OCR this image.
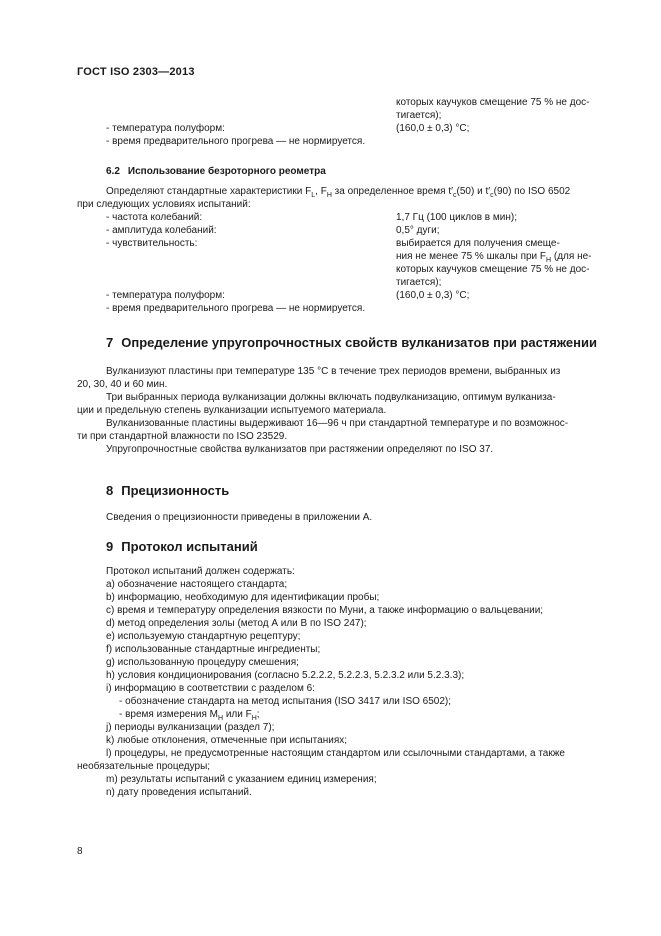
ГОСТ ISO 2303—2013
которых каучуков смещение 75 % не дос-
тигается);
- температура полуформ:	(160,0 ± 0,3) °С;
- время предварительного прогрева — не нормируется.
6.2 Использование безроторного реометра
Определяют стандартные характеристики $F_L$, $F_H$ за определенное время $t'_c(50)$ и $t'_c(90)$ по ISO 6502
при следующих условиях испытаний:
- частота колебаний:	1,7 Гц (100 циклов в мин);
- амплитуда колебаний:	0,5° дуги;
- чувствительность:	выбирается для получения смеще-
ния не менее 75 % шкалы при $F_H$ (для не-
которых каучуков смещение 75 % не дос-
тигается);
- температура полуформ:	(160,0 ± 0,3) °С;
- время предварительного прогрева — не нормируется.
7 Определение упругопрочностных свойств вулканизатов при растяжении
Вулканизуют пластины при температуре 135 °С в течение трех периодов времени, выбранных из
20, 30, 40 и 60 мин.
Три выбранных периода вулканизации должны включать подвулканизацию, оптимум вулканиза-
ции и предельную степень вулканизации испытуемого материала.
Вулканизованные пластины выдерживают 16—96 ч при стандартной температуре и по возможнос-
ти при стандартной влажности по ISO 23529.
Упругопрочностные свойства вулканизатов при растяжении определяют по ISO 37.
8 Прецизионность
Сведения о прецизионности приведены в приложении А.
9 Протокол испытаний
Протокол испытаний должен содержать:
a) обозначение настоящего стандарта;
b) информацию, необходимую для идентификации пробы;
c) время и температуру определения вязкости по Муни, а также информацию о вальцевании;
d) метод определения золы (метод А или В по ISO 247);
e) используемую стандартную рецептуру;
f) использованные стандартные ингредиенты;
g) использованную процедуру смешения;
h) условия кондиционирования (согласно 5.2.2.2, 5.2.2.3, 5.2.3.2 или 5.2.3.3);
i) информацию в соответствии с разделом 6:
- обозначение стандарта на метод испытания (ISO 3417 или ISO 6502);
- время измерения $M_H$ или $F_H$;
j) периоды вулканизации (раздел 7);
k) любые отклонения, отмеченные при испытаниях;
l) процедуры, не предусмотренные настоящим стандартом или ссылочными стандартами, а также
необязательные процедуры;
m) результаты испытаний с указанием единиц измерения;
n) дату проведения испытаний.
8
